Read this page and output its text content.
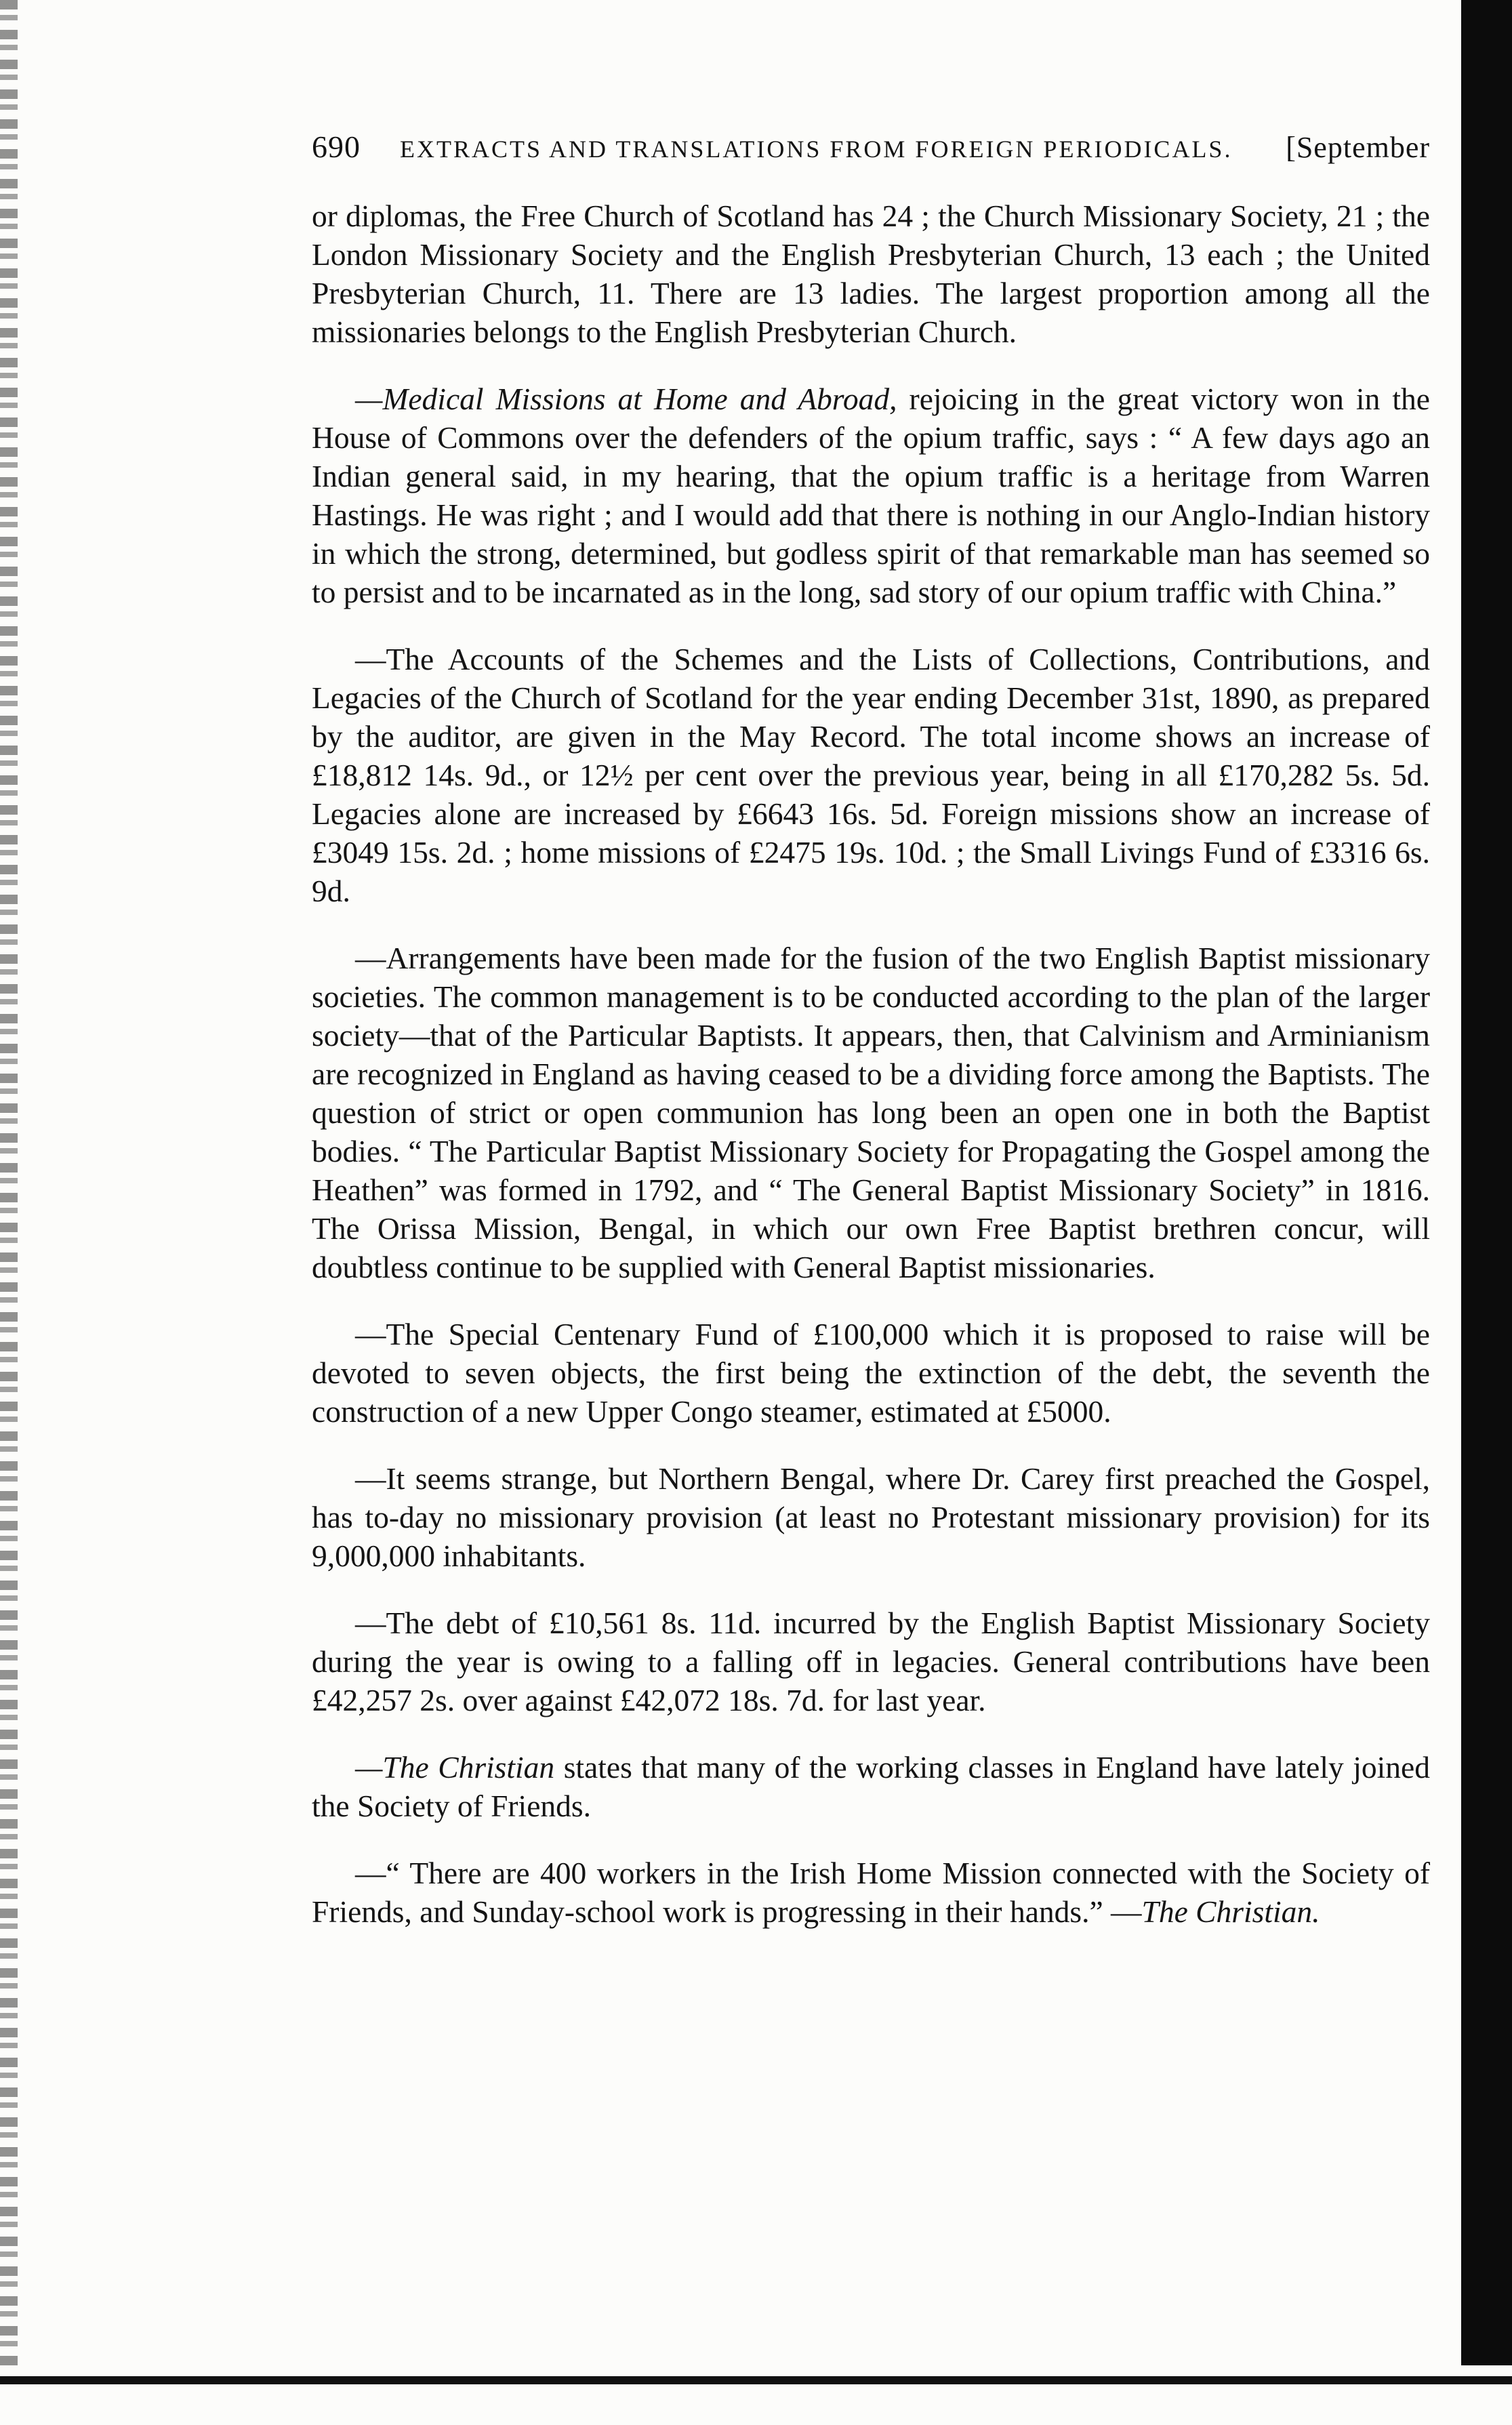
690	EXTRACTS AND TRANSLATIONS FROM FOREIGN PERIODICALS.	[September

or diplomas, the Free Church of Scotland has 24 ; the Church Missionary Society, 21 ; the London Missionary Society and the English Presbyterian Church, 13 each ; the United Presbyterian Church, 11. There are 13 ladies. The largest proportion among all the missionaries belongs to the English Presbyterian Church.

—Medical Missions at Home and Abroad, rejoicing in the great victory won in the House of Commons over the defenders of the opium traffic, says : “ A few days ago an Indian general said, in my hearing, that the opium traffic is a heritage from Warren Hastings. He was right ; and I would add that there is nothing in our Anglo-Indian history in which the strong, determined, but godless spirit of that remarkable man has seemed so to persist and to be incarnated as in the long, sad story of our opium traffic with China.”

—The Accounts of the Schemes and the Lists of Collections, Contributions, and Legacies of the Church of Scotland for the year ending December 31st, 1890, as prepared by the auditor, are given in the May Record. The total income shows an increase of £18,812 14s. 9d., or 12½ per cent over the previous year, being in all £170,282 5s. 5d. Legacies alone are increased by £6643 16s. 5d. Foreign missions show an increase of £3049 15s. 2d. ; home missions of £2475 19s. 10d. ; the Small Livings Fund of £3316 6s. 9d.

—Arrangements have been made for the fusion of the two English Baptist missionary societies. The common management is to be conducted according to the plan of the larger society—that of the Particular Baptists. It appears, then, that Calvinism and Arminianism are recognized in England as having ceased to be a dividing force among the Baptists. The question of strict or open communion has long been an open one in both the Baptist bodies. “ The Particular Baptist Missionary Society for Propagating the Gospel among the Heathen” was formed in 1792, and “ The General Baptist Missionary Society” in 1816. The Orissa Mission, Bengal, in which our own Free Baptist brethren concur, will doubtless continue to be supplied with General Baptist missionaries.

—The Special Centenary Fund of £100,000 which it is proposed to raise will be devoted to seven objects, the first being the extinction of the debt, the seventh the construction of a new Upper Congo steamer, estimated at £5000.

—It seems strange, but Northern Bengal, where Dr. Carey first preached the Gospel, has to-day no missionary provision (at least no Protestant missionary provision) for its 9,000,000 inhabitants.

—The debt of £10,561 8s. 11d. incurred by the English Baptist Missionary Society during the year is owing to a falling off in legacies. General contributions have been £42,257 2s. over against £42,072 18s. 7d. for last year.

—The Christian states that many of the working classes in England have lately joined the Society of Friends.

—“ There are 400 workers in the Irish Home Mission connected with the Society of Friends, and Sunday-school work is progressing in their hands.” —The Christian.
